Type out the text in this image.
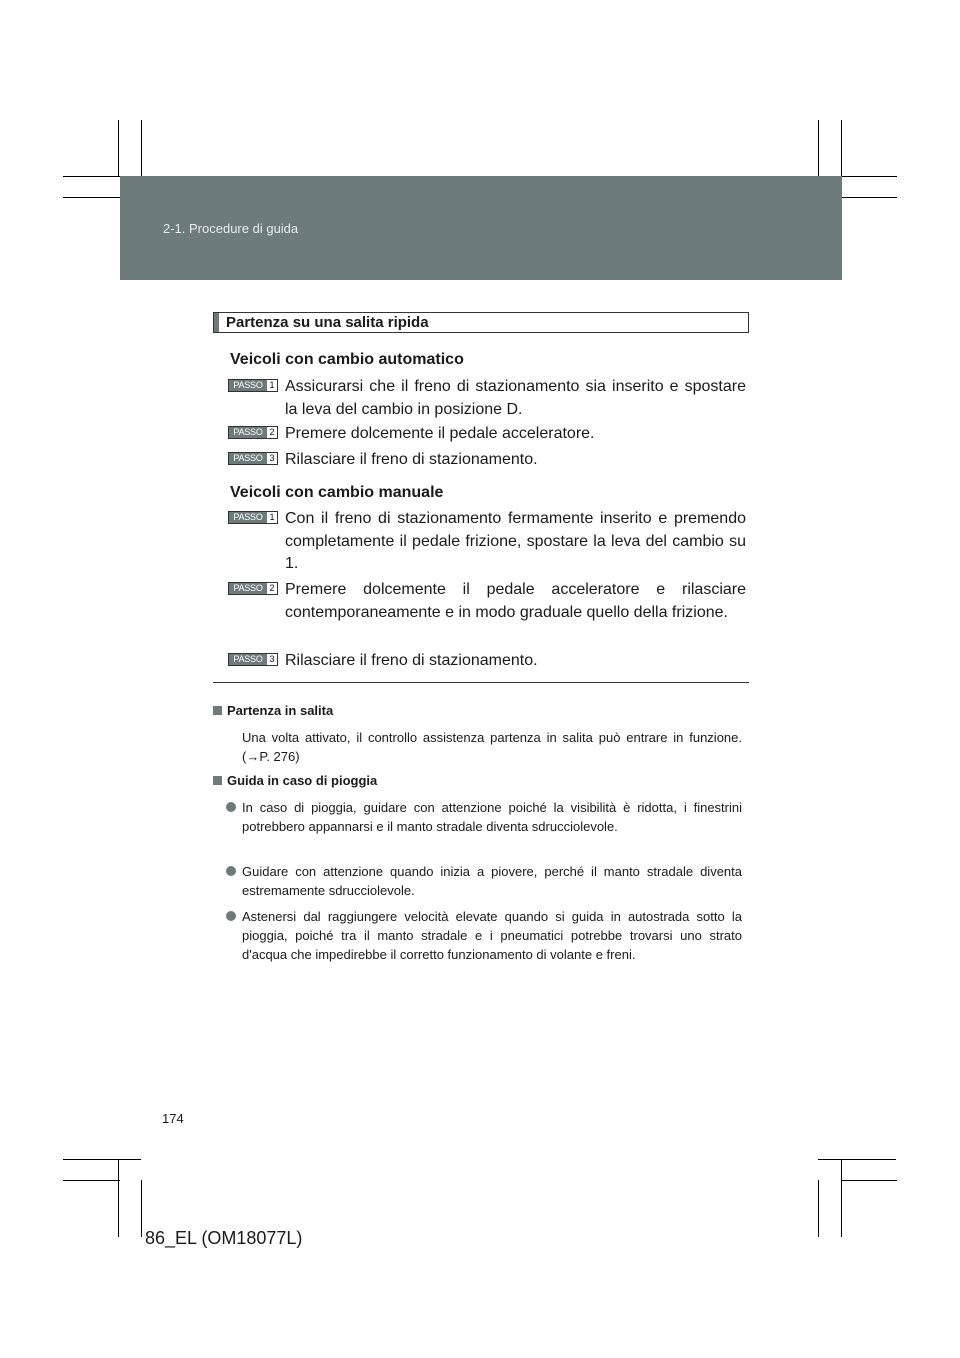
2-1. Procedure di guida
Partenza su una salita ripida
Veicoli con cambio automatico
PASSO 1 Assicurarsi che il freno di stazionamento sia inserito e spostare la leva del cambio in posizione D.
PASSO 2 Premere dolcemente il pedale acceleratore.
PASSO 3 Rilasciare il freno di stazionamento.
Veicoli con cambio manuale
PASSO 1 Con il freno di stazionamento fermamente inserito e premendo completamente il pedale frizione, spostare la leva del cambio su 1.
PASSO 2 Premere dolcemente il pedale acceleratore e rilasciare contemporaneamente e in modo graduale quello della frizione.
PASSO 3 Rilasciare il freno di stazionamento.
Partenza in salita
Una volta attivato, il controllo assistenza partenza in salita può entrare in funzione. (→P. 276)
Guida in caso di pioggia
In caso di pioggia, guidare con attenzione poiché la visibilità è ridotta, i finestrini potrebbero appannarsi e il manto stradale diventa sdrucciolevole.
Guidare con attenzione quando inizia a piovere, perché il manto stradale diventa estremamente sdrucciolevole.
Astenersi dal raggiungere velocità elevate quando si guida in autostrada sotto la pioggia, poiché tra il manto stradale e i pneumatici potrebbe trovarsi uno strato d'acqua che impedirebbe il corretto funzionamento di volante e freni.
174
86_EL (OM18077L)
